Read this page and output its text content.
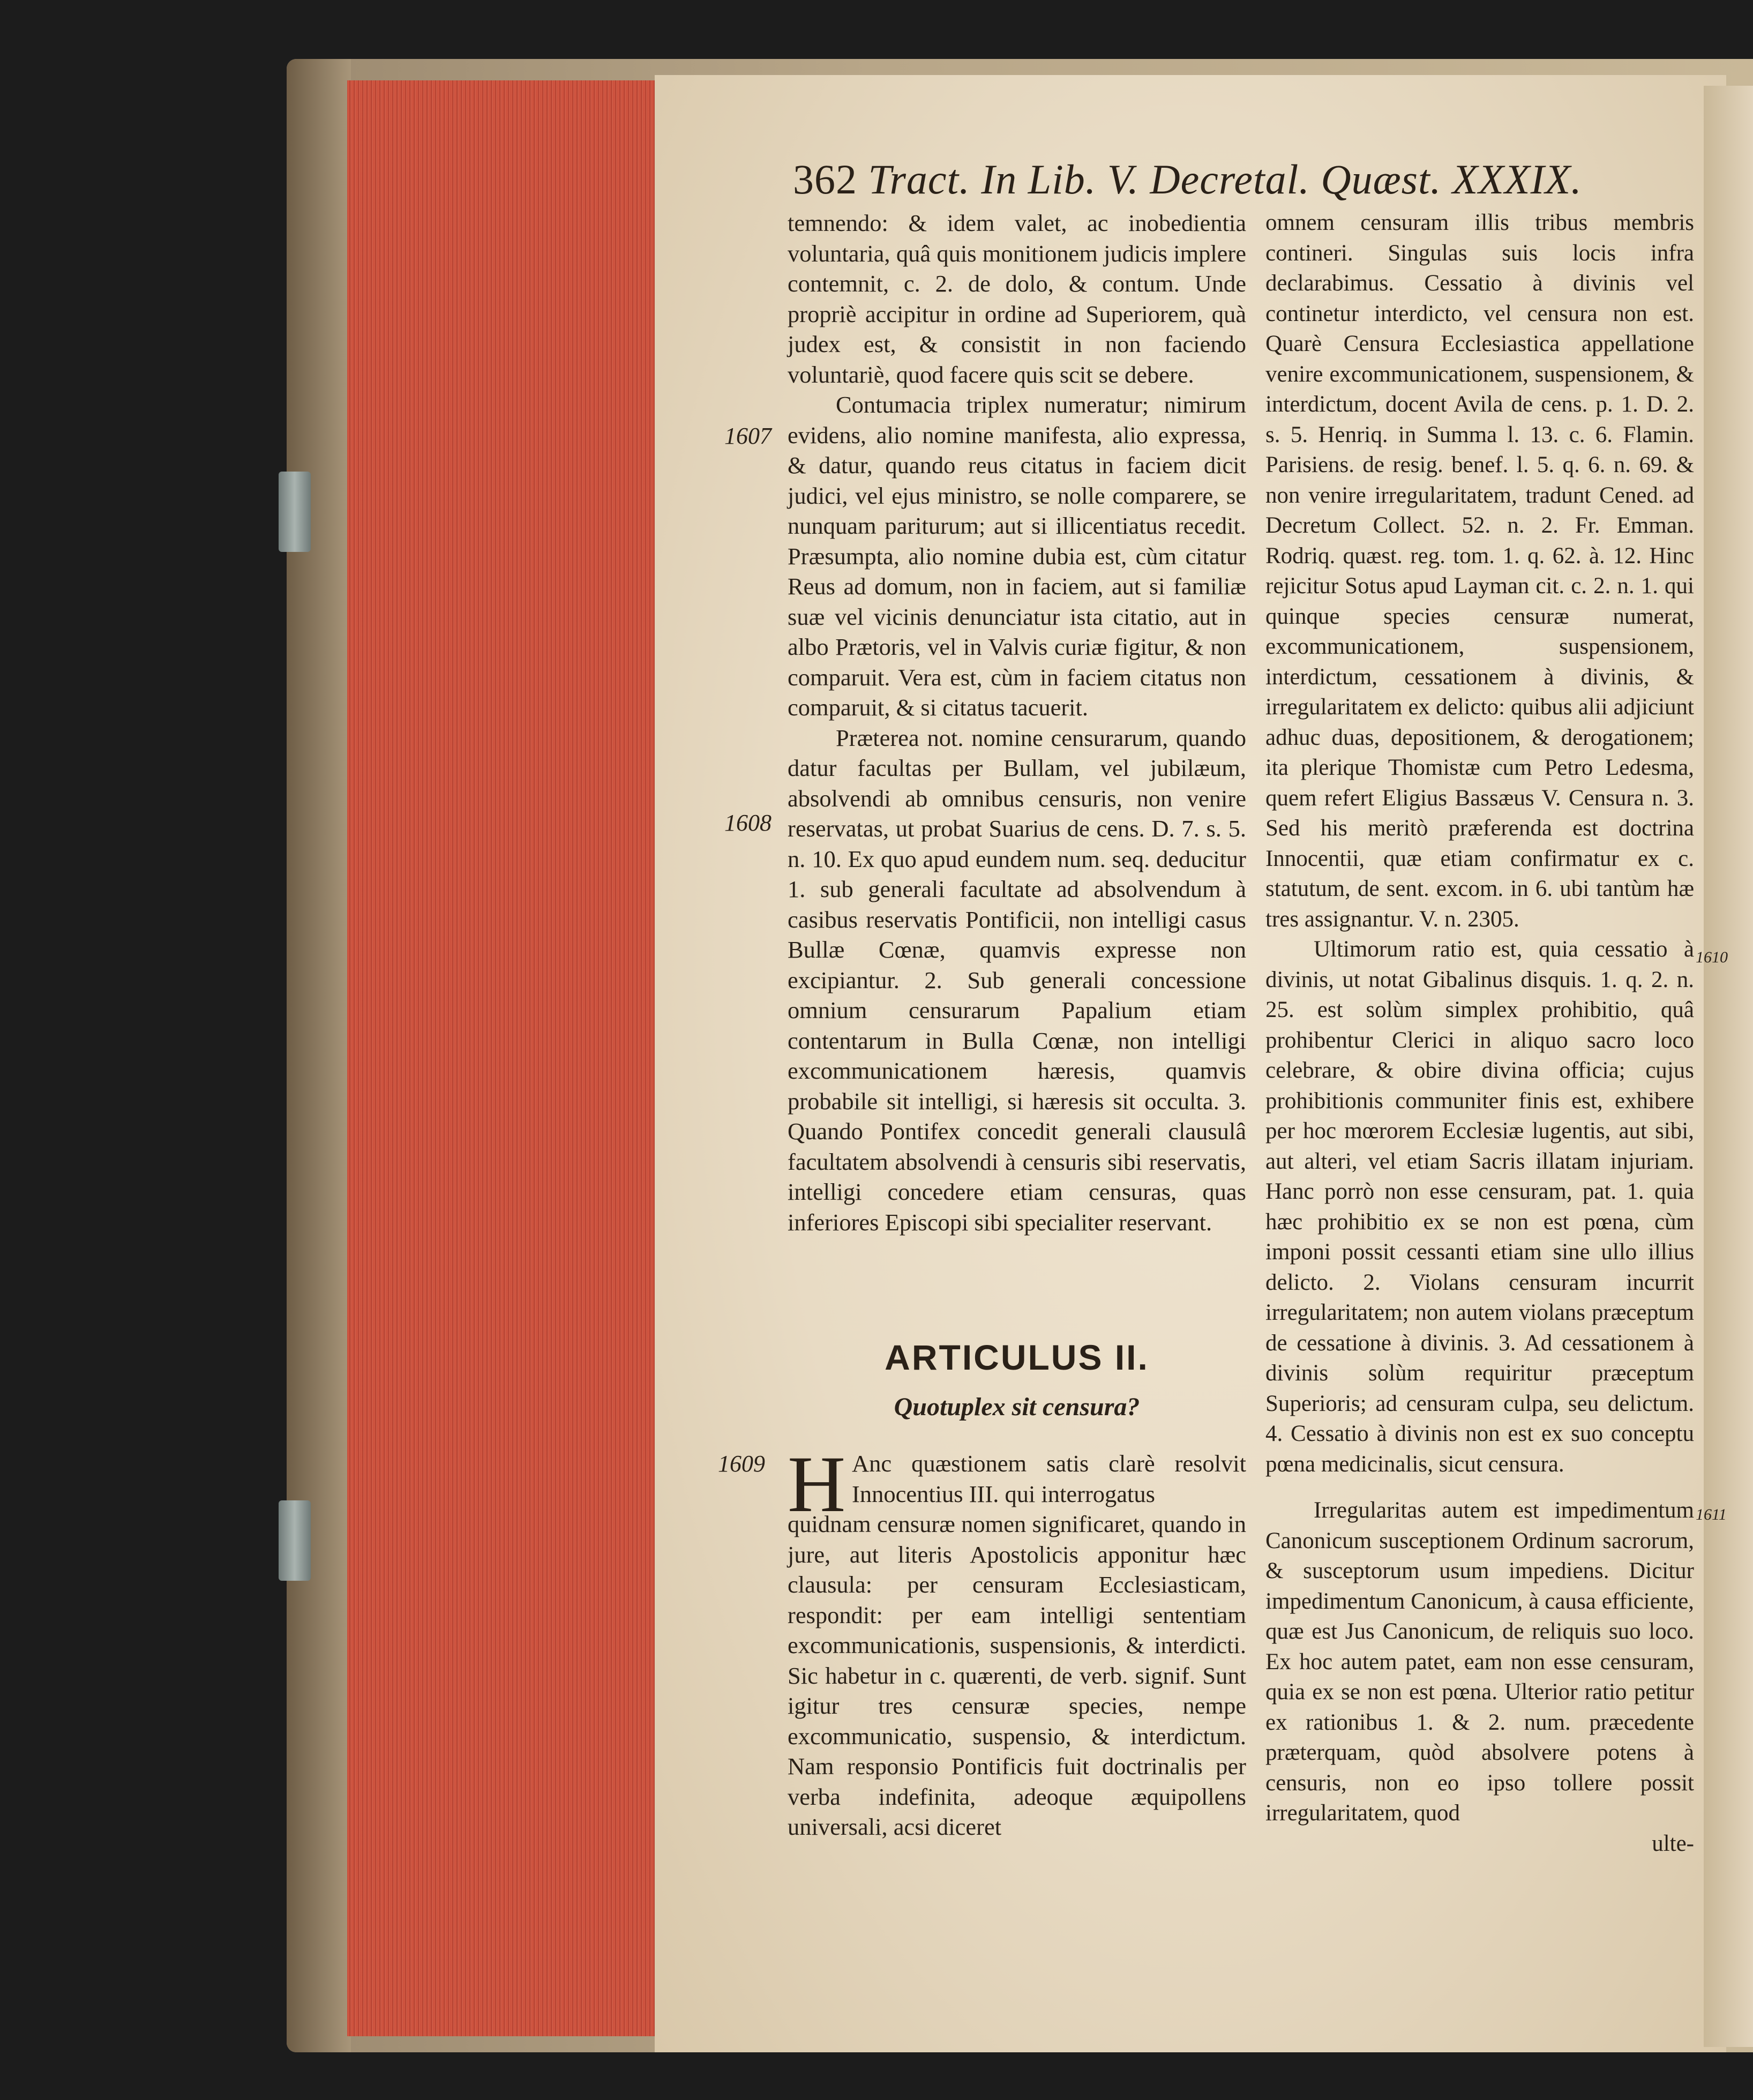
362 Tract. In Lib. V. Decretal. Quæst. XXXIX.
1607
1608
1609
1610
1611

temnendo: & idem valet, ac inobedientia voluntaria, quâ quis monitionem judicis implere contemnit, c. 2. de dolo, & contum. Unde propriè accipitur in ordine ad Superiorem, quà judex est, & consistit in non faciendo voluntariè, quod facere quis scit se debere.

Contumacia triplex numeratur; nimirum evidens, alio nomine manifesta, alio expressa, & datur, quando reus citatus in faciem dicit judici, vel ejus ministro, se nolle comparere, se nunquam pariturum; aut si illicentiatus recedit. Præsumpta, alio nomine dubia est, cùm citatur Reus ad domum, non in faciem, aut si familiæ suæ vel vicinis denunciatur ista citatio, aut in albo Prætoris, vel in Valvis curiæ figitur, & non comparuit. Vera est, cùm in faciem citatus non comparuit, & si citatus tacuerit.

Præterea not. nomine censurarum, quando datur facultas per Bullam, vel jubilæum, absolvendi ab omnibus censuris, non venire reservatas, ut probat Suarius de cens. D. 7. s. 5. n. 10. Ex quo apud eundem num. seq. deducitur 1. sub generali facultate ad absolvendum à casibus reservatis Pontificii, non intelligi casus Bullæ Cœnæ, quamvis expresse non excipiantur. 2. Sub generali concessione omnium censurarum Papalium etiam contentarum in Bulla Cœnæ, non intelligi excommunicationem hæresis, quamvis probabile sit intelligi, si hæresis sit occulta. 3. Quando Pontifex concedit generali clausulâ facultatem absolvendi à censuris sibi reservatis, intelligi concedere etiam censuras, quas inferiores Episcopi sibi specialiter reservant.

ARTICULUS II.
Quotuplex sit censura?
H Anc quæstionem satis clarè resolvit Innocentius III. qui interrogatus

quidnam censuræ nomen significaret, quando in jure, aut literis Apostolicis apponitur hæc clausula: per censuram Ecclesiasticam, respondit: per eam intelligi sententiam excommunicationis, suspensionis, & interdicti. Sic habetur in c. quærenti, de verb. signif. Sunt igitur tres censuræ species, nempe excommunicatio, suspensio, & interdictum. Nam responsio Pontificis fuit doctrinalis per verba indefinita, adeoque æquipollens universali, acsi diceret

omnem censuram illis tribus membris contineri. Singulas suis locis infra declarabimus. Cessatio à divinis vel continetur interdicto, vel censura non est. Quarè Censura Ecclesiastica appellatione venire excommunicationem, suspensionem, & interdictum, docent Avila de cens. p. 1. D. 2. s. 5. Henriq. in Summa l. 13. c. 6. Flamin. Parisiens. de resig. benef. l. 5. q. 6. n. 69. & non venire irregularitatem, tradunt Cened. ad Decretum Collect. 52. n. 2. Fr. Emman. Rodriq. quæst. reg. tom. 1. q. 62. à. 12. Hinc rejicitur Sotus apud Layman cit. c. 2. n. 1. qui quinque species censuræ numerat, excommunicationem, suspensionem, interdictum, cessationem à divinis, & irregularitatem ex delicto: quibus alii adjiciunt adhuc duas, depositionem, & derogationem; ita plerique Thomistæ cum Petro Ledesma, quem refert Eligius Bassæus V. Censura n. 3. Sed his meritò præferenda est doctrina Innocentii, quæ etiam confirmatur ex c. statutum, de sent. excom. in 6. ubi tantùm hæ tres assignantur. V. n. 2305.

Ultimorum ratio est, quia cessatio à divinis, ut notat Gibalinus disquis. 1. q. 2. n. 25. est solùm simplex prohibitio, quâ prohibentur Clerici in aliquo sacro loco celebrare, & obire divina officia; cujus prohibitionis communiter finis est, exhibere per hoc mœrorem Ecclesiæ lugentis, aut sibi, aut alteri, vel etiam Sacris illatam injuriam. Hanc porrò non esse censuram, pat. 1. quia hæc prohibitio ex se non est pœna, cùm imponi possit cessanti etiam sine ullo illius delicto. 2. Violans censuram incurrit irregularitatem; non autem violans præceptum de cessatione à divinis. 3. Ad cessationem à divinis solùm requiritur præceptum Superioris; ad censuram culpa, seu delictum. 4. Cessatio à divinis non est ex suo conceptu pœna medicinalis, sicut censura.

Irregularitas autem est impedimentum Canonicum susceptionem Ordinum sacrorum, & susceptorum usum impediens. Dicitur impedimentum Canonicum, à causa efficiente, quæ est Jus Canonicum, de reliquis suo loco. Ex hoc autem patet, eam non esse censuram, quia ex se non est pœna. Ulterior ratio petitur ex rationibus 1. & 2. num. præcedente præterquam, quòd absolvere potens à censuris, non eo ipso tollere possit irregularitatem, quod

ulte-
